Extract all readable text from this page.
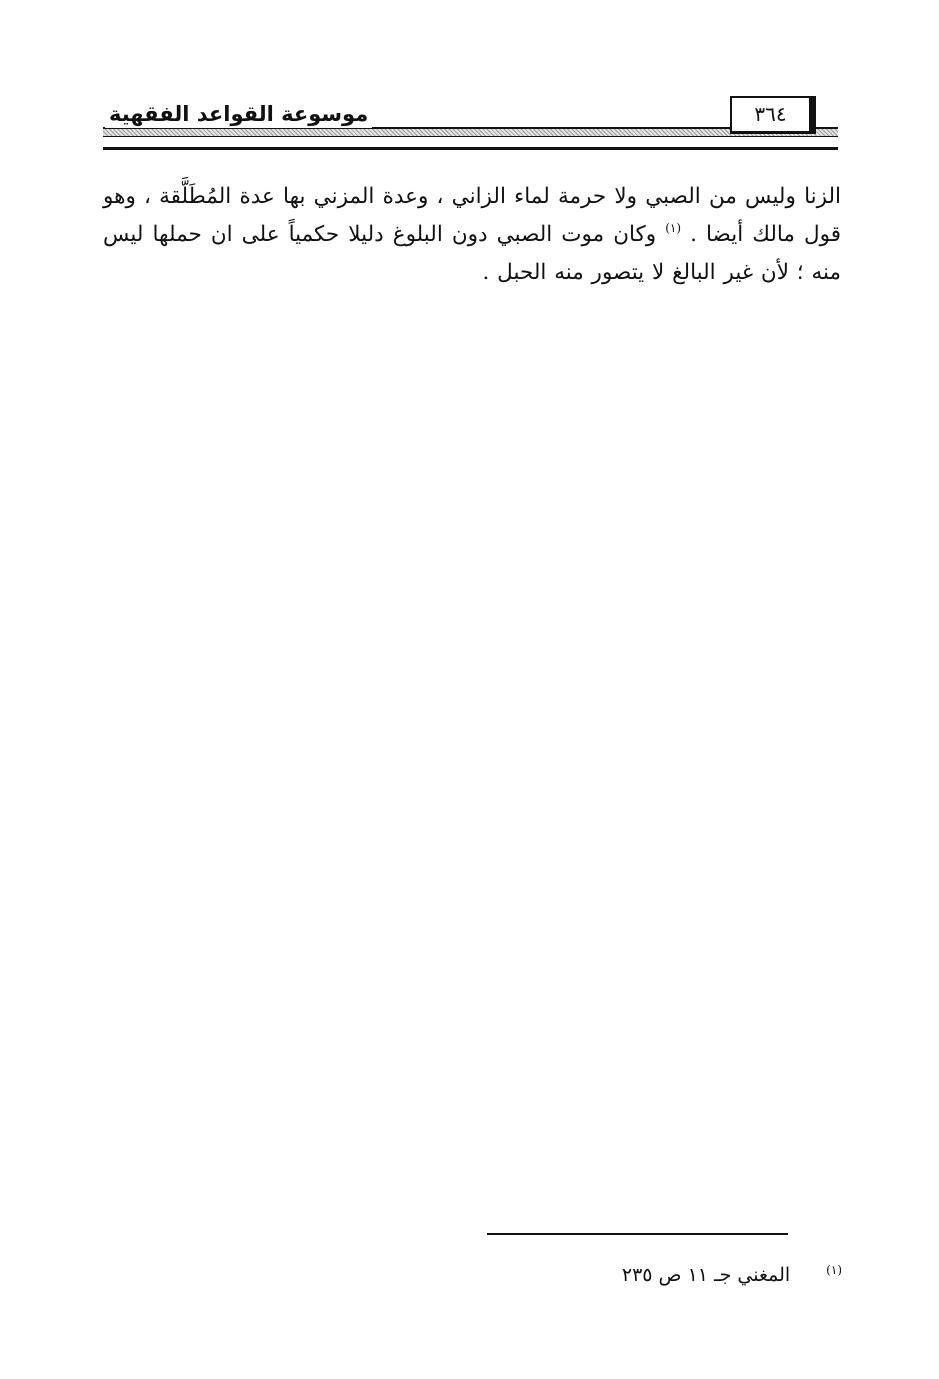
موسوعة القواعد الفقهية	٣٦٤

الزنا وليس من الصبي ولا حرمة لماء الزاني ، وعدة المزني بها عدة المُطَلَّقة ، وهو قول مالك أيضا . $^{(١)}$ وكان موت الصبي دون البلوغ دليلا حكمياً على ان حملها ليس منه ؛ لأن غير البالغ لا يتصور منه الحبل .

(١)المغني جـ ١١ ص ٢٣٥
